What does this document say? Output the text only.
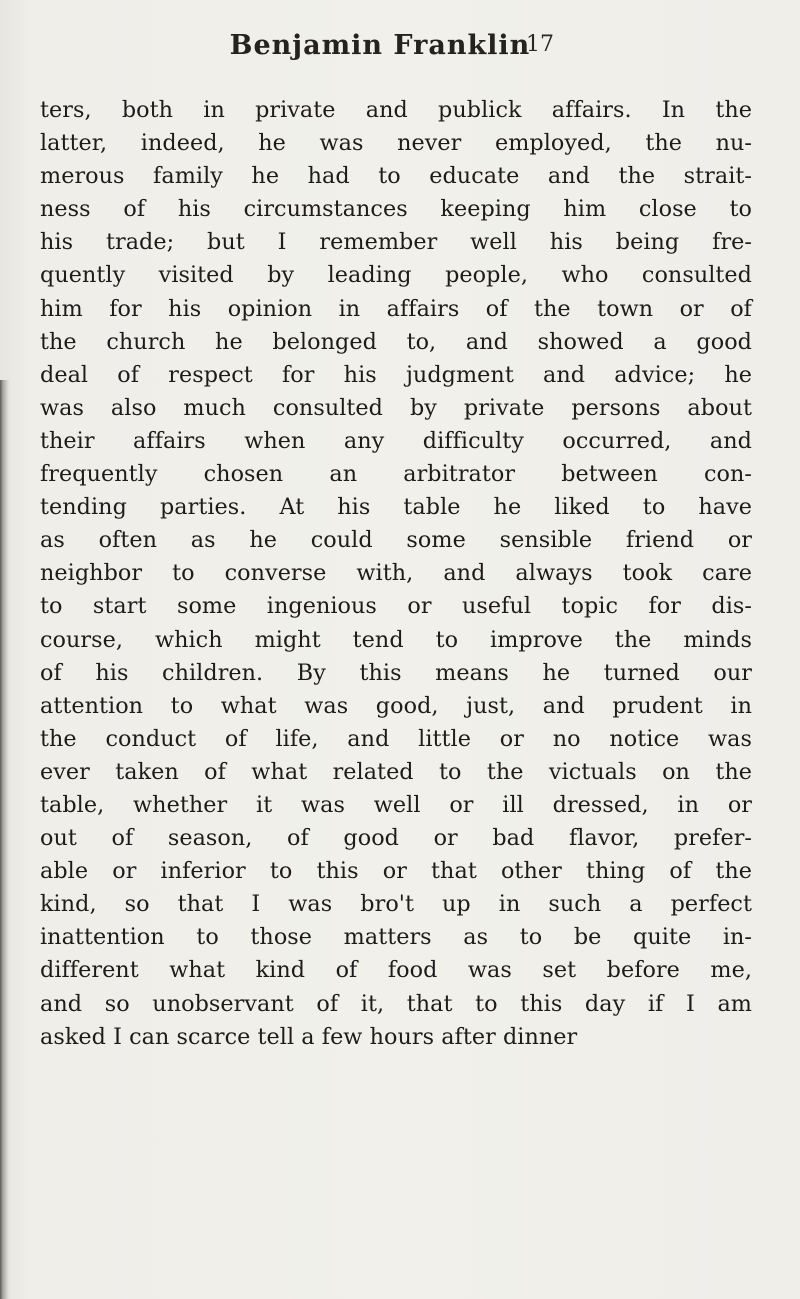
Benjamin Franklin
17
ters, both in private and publick affairs. In the
latter, indeed, he was never employed, the nu-
merous family he had to educate and the strait-
ness of his circumstances keeping him close to
his trade; but I remember well his being fre-
quently visited by leading people, who consulted
him for his opinion in affairs of the town or of
the church he belonged to, and showed a good
deal of respect for his judgment and advice; he
was also much consulted by private persons about
their affairs when any difficulty occurred, and
frequently chosen an arbitrator between con-
tending parties. At his table he liked to have
as often as he could some sensible friend or
neighbor to converse with, and always took care
to start some ingenious or useful topic for dis-
course, which might tend to improve the minds
of his children. By this means he turned our
attention to what was good, just, and prudent in
the conduct of life, and little or no notice was
ever taken of what related to the victuals on the
table, whether it was well or ill dressed, in or
out of season, of good or bad flavor, prefer-
able or inferior to this or that other thing of the
kind, so that I was bro't up in such a perfect
inattention to those matters as to be quite in-
different what kind of food was set before me,
and so unobservant of it, that to this day if I am
asked I can scarce tell a few hours after dinner
